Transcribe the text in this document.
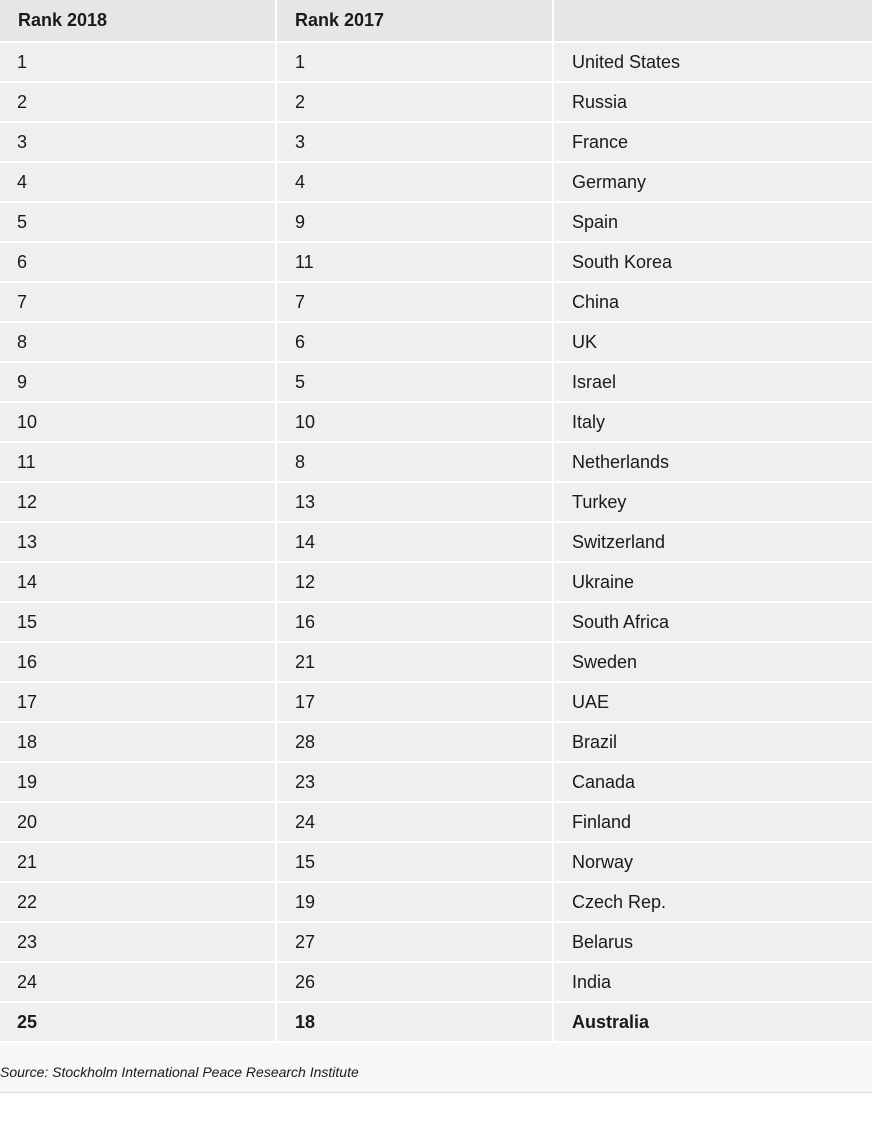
Rank 2018	Rank 2017	
1	1	United States
2	2	Russia
3	3	France
4	4	Germany
5	9	Spain
6	11	South Korea
7	7	China
8	6	UK
9	5	Israel
10	10	Italy
11	8	Netherlands
12	13	Turkey
13	14	Switzerland
14	12	Ukraine
15	16	South Africa
16	21	Sweden
17	17	UAE
18	28	Brazil
19	23	Canada
20	24	Finland
21	15	Norway
22	19	Czech Rep.
23	27	Belarus
24	26	India
25	18	Australia
Source: Stockholm International Peace Research Institute
